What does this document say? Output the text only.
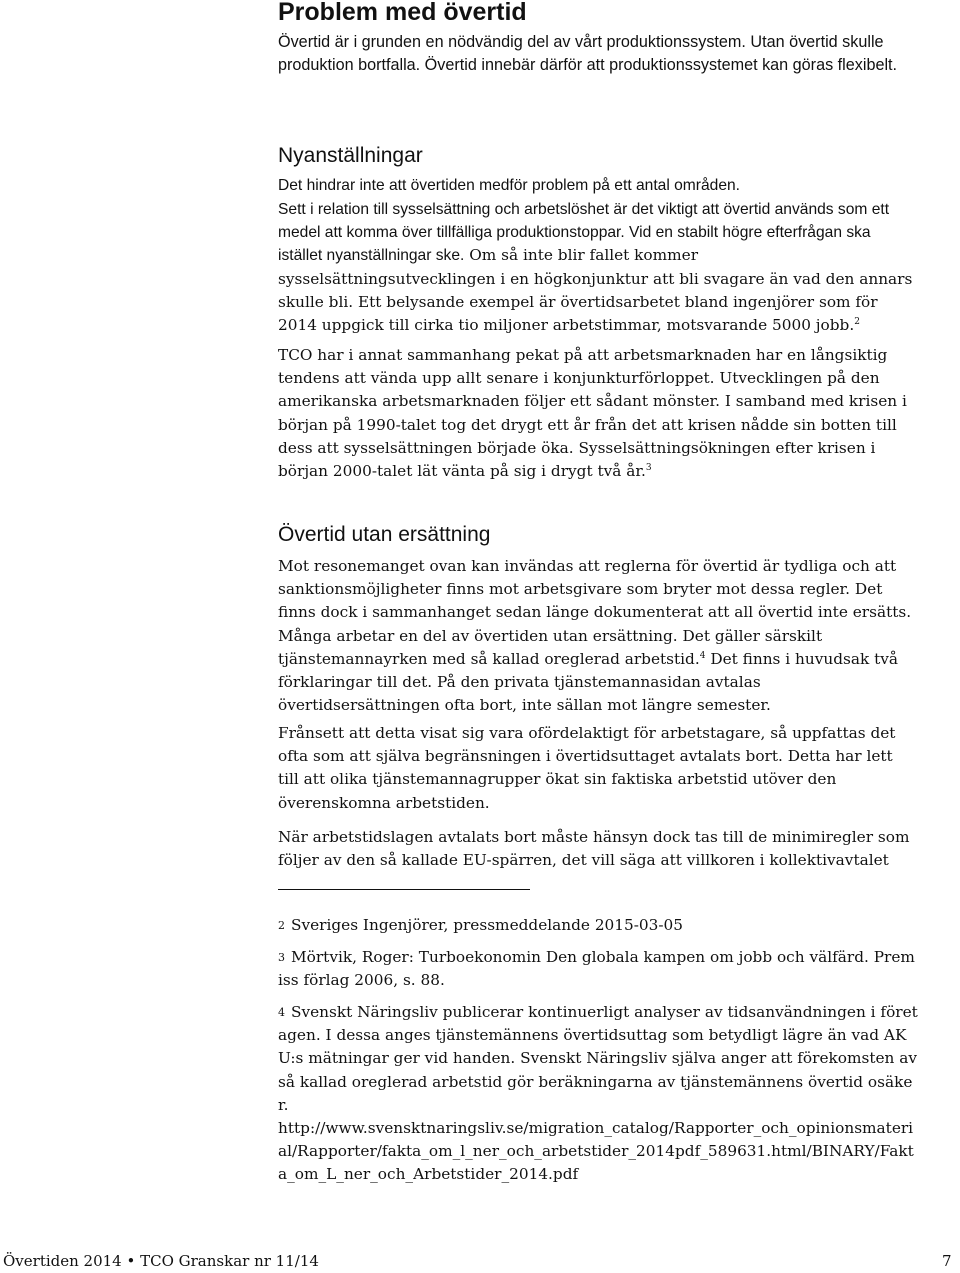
Problem med övertid

Övertid är i grunden en nödvändig del av vårt produktionssystem. Utan övertid skulle produktion bortfalla. Övertid innebär därför att produktionssystemet kan göras flexibelt.

Nyanställningar

Det hindrar inte att övertiden medför problem på ett antal områden.

Sett i relation till sysselsättning och arbetslöshet är det viktigt att övertid används som ett medel att komma över tillfälliga produktionstoppar. Vid en stabilt högre efterfrågan ska istället nyanställningar ske. Om så inte blir fallet kommer sysselsättningsutvecklingen i en högkonjunktur att bli svagare än vad den annars skulle bli. Ett belysande exempel är övertidsarbetet bland ingenjörer som för 2014 uppgick till cirka tio miljoner arbetstimmar, motsvarande 5000 jobb.$^2$

TCO har i annat sammanhang pekat på att arbetsmarknaden har en långsiktig tendens att vända upp allt senare i konjunkturförloppet. Utvecklingen på den amerikanska arbetsmarknaden följer ett sådant mönster. I samband med krisen i början på 1990-talet tog det drygt ett år från det att krisen nådde sin botten till dess att sysselsättningen började öka. Sysselsättningsökningen efter krisen i början 2000-talet lät vänta på sig i drygt två år.$^3$

Övertid utan ersättning

Mot resonemanget ovan kan invändas att reglerna för övertid är tydliga och att sanktionsmöjligheter finns mot arbetsgivare som bryter mot dessa regler. Det finns dock i sammanhanget sedan länge dokumenterat att all övertid inte ersätts. Många arbetar en del av övertiden utan ersättning. Det gäller särskilt tjänstemannayrken med så kallad oreglerad arbetstid.$^4$ Det finns i huvudsak två förklaringar till det. På den privata tjänstemannasidan avtalas övertidsersättningen ofta bort, inte sällan mot längre semester.

Frånsett att detta visat sig vara ofördelaktigt för arbetstagare, så uppfattas det ofta som att själva begränsningen i övertidsuttaget avtalats bort. Detta har lett till att olika tjänstemannagrupper ökat sin faktiska arbetstid utöver den överenskomna arbetstiden.

När arbetstidslagen avtalats bort måste hänsyn dock tas till de minimiregler som följer av den så kallade EU-spärren, det vill säga att villkoren i kollektivavtalet

2 Sveriges Ingenjörer, pressmeddelande 2015-03-05

3 Mörtvik, Roger: Turboekonomin Den globala kampen om jobb och välfärd. Premiss förlag 2006, s. 88.

4 Svenskt Näringsliv publicerar kontinuerligt analyser av tidsanvändningen i företagen. I dessa anges tjänstemännens övertidsuttag som betydligt lägre än vad AKU:s mätningar ger vid handen. Svenskt Näringsliv själva anger att förekomsten av så kallad oreglerad arbetstid gör beräkningarna av tjänstemännens övertid osäker.
http://www.svensktnaringsliv.se/migration_catalog/Rapporter_och_opinionsmaterial/Rapporter/fakta_om_l_ner_och_arbetstider_2014pdf_589631.html/BINARY/Fakta_om_L_ner_och_Arbetstider_2014.pdf

Övertiden 2014 • TCO Granskar nr 11/14	7
